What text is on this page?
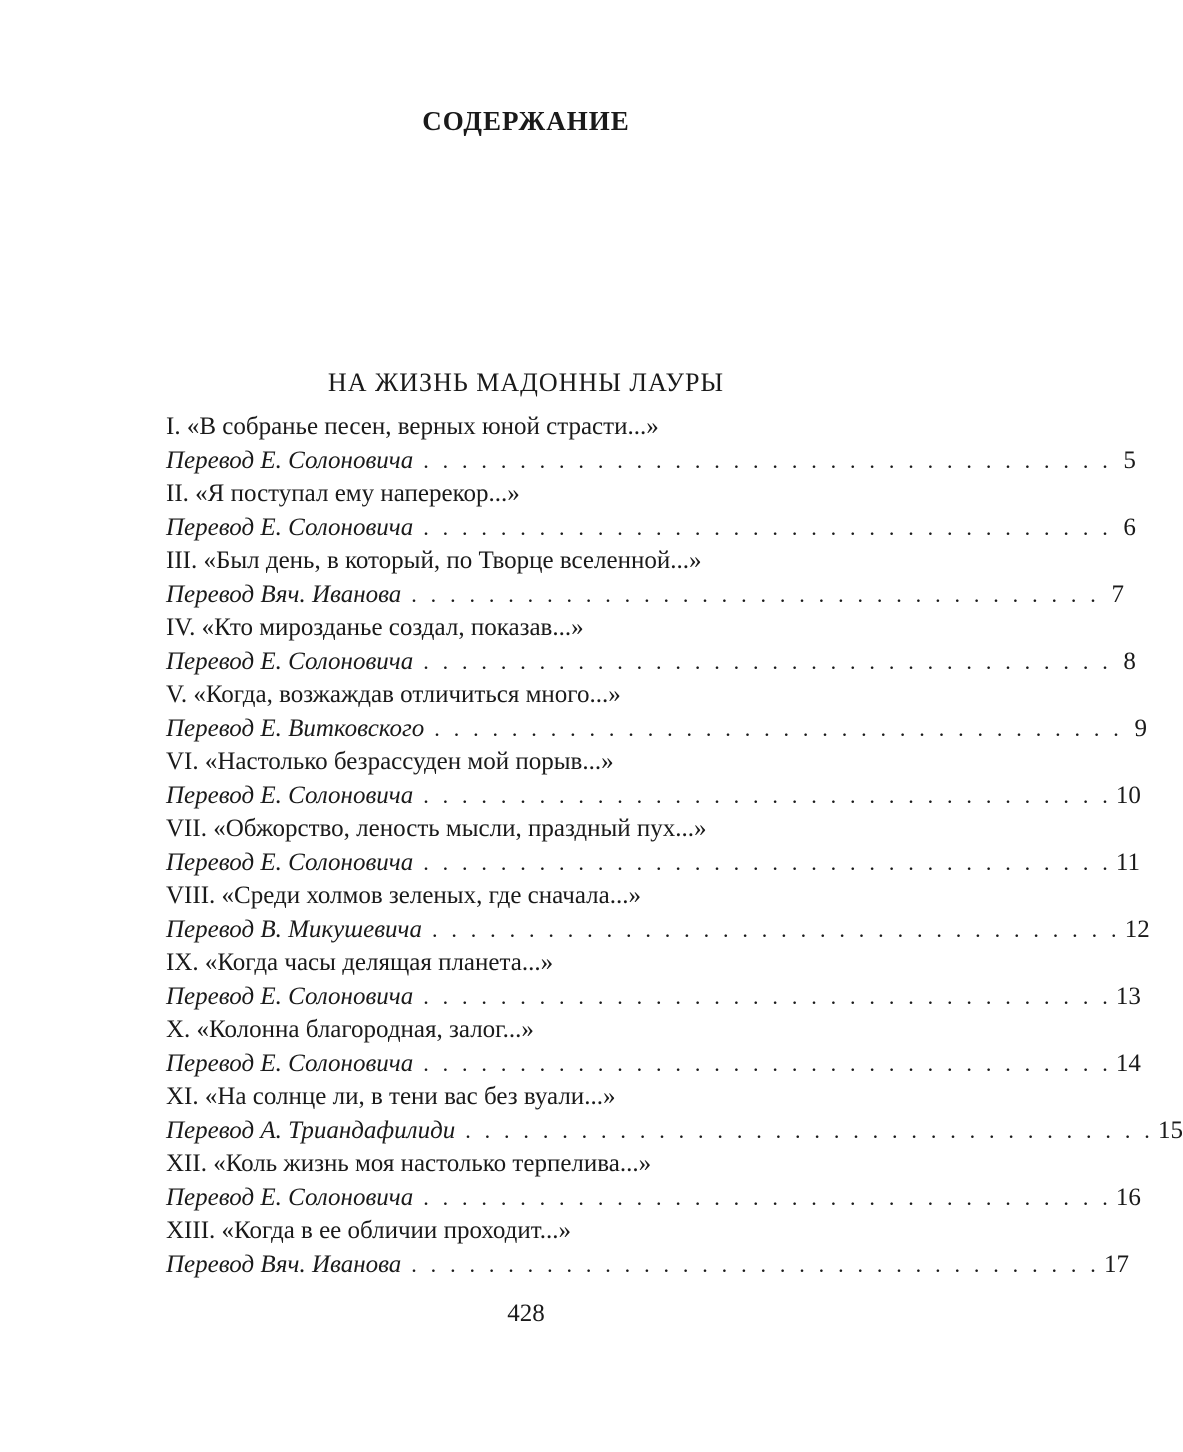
СОДЕРЖАНИЕ
НА ЖИЗНЬ МАДОННЫ ЛАУРЫ
I. «В собранье песен, верных юной страсти...»
Перевод Е. Солоновича . . . . . . . . . . . . . . . . . . . . . . . . . . . . . . . . . . . . 5
II. «Я поступал ему наперекор...»
Перевод Е. Солоновича . . . . . . . . . . . . . . . . . . . . . . . . . . . . . . . . . . . . 6
III. «Был день, в который, по Творце вселенной...»
Перевод Вяч. Иванова . . . . . . . . . . . . . . . . . . . . . . . . . . . . . . . . . . . . 7
IV. «Кто мирозданье создал, показав...»
Перевод Е. Солоновича . . . . . . . . . . . . . . . . . . . . . . . . . . . . . . . . . . . . 8
V. «Когда, возжаждав отличиться много...»
Перевод Е. Витковского . . . . . . . . . . . . . . . . . . . . . . . . . . . . . . . . . . . . 9
VI. «Настолько безрассуден мой порыв...»
Перевод Е. Солоновича . . . . . . . . . . . . . . . . . . . . . . . . . . . . . . . . . . . . 10
VII. «Обжорство, леность мысли, праздный пух...»
Перевод Е. Солоновича . . . . . . . . . . . . . . . . . . . . . . . . . . . . . . . . . . . . 11
VIII. «Среди холмов зеленых, где сначала...»
Перевод В. Микушевича . . . . . . . . . . . . . . . . . . . . . . . . . . . . . . . . . . . . 12
IX. «Когда часы делящая планета...»
Перевод Е. Солоновича . . . . . . . . . . . . . . . . . . . . . . . . . . . . . . . . . . . . 13
X. «Колонна благородная, залог...»
Перевод Е. Солоновича . . . . . . . . . . . . . . . . . . . . . . . . . . . . . . . . . . . . 14
XI. «На солнце ли, в тени вас без вуали...»
Перевод А. Триандафилиди . . . . . . . . . . . . . . . . . . . . . . . . . . . . . . . . . . . . 15
XII. «Коль жизнь моя настолько терпелива...»
Перевод Е. Солоновича . . . . . . . . . . . . . . . . . . . . . . . . . . . . . . . . . . . . 16
XIII. «Когда в ее обличии проходит...»
Перевод Вяч. Иванова . . . . . . . . . . . . . . . . . . . . . . . . . . . . . . . . . . . . 17
428
